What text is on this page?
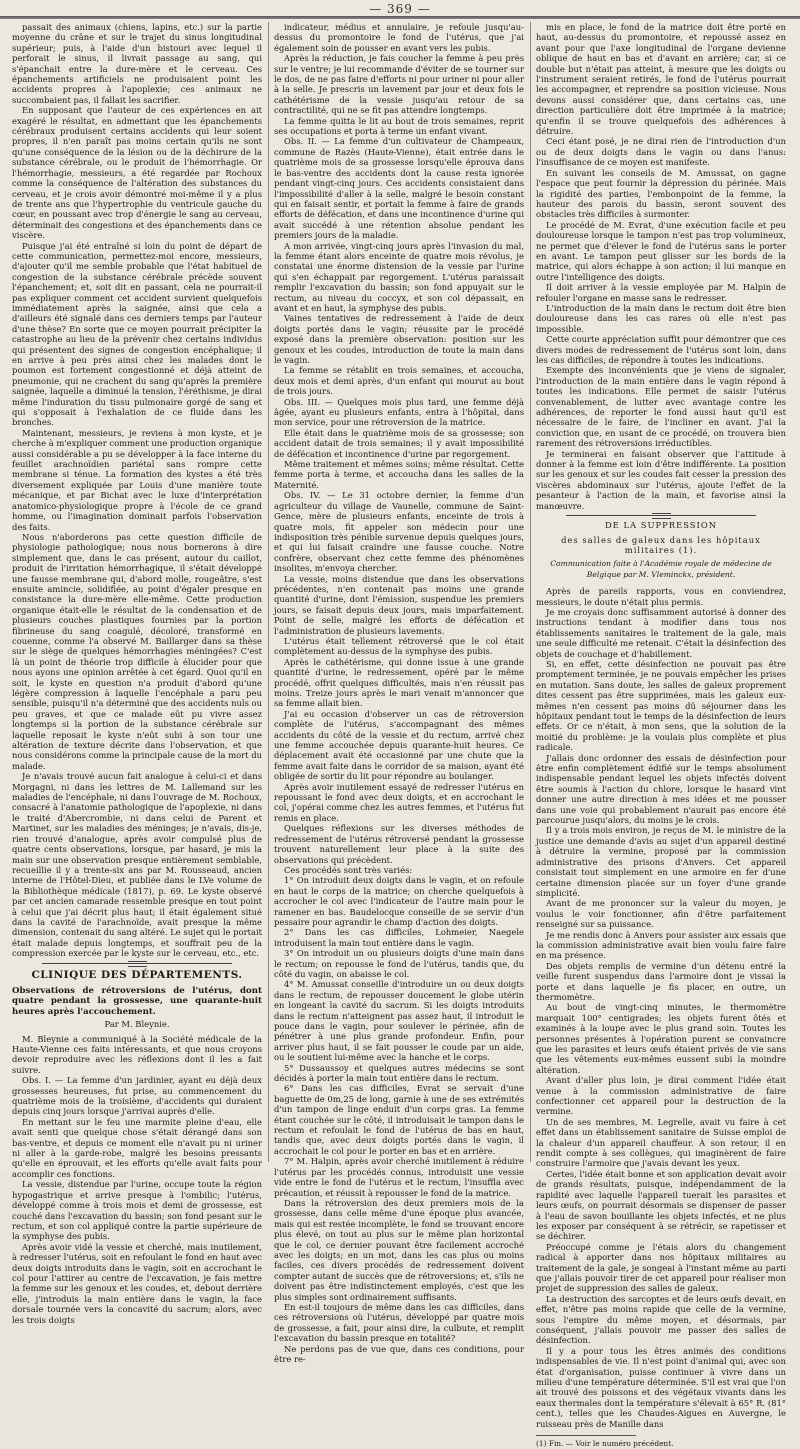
— 369 —

passait des animaux (chiens, lapins, etc.) sur la partie moyenne du crâne et sur le trajet du sinus longitudinal supérieur; puis, à l'aide d'un bistouri avec lequel il perforait le sinus, il livrait passage au sang, qui s'épanchait entre la dure-mère et le cerveau. Ces épanchements artificiels ne produisaient point les accidents propres à l'apoplexie; ces animaux ne succombaient pas, il fallait les sacrifier.

En supposant que l'auteur de ces expériences en ait exagéré le résultat, en admettant que les épanchements cérébraux produisent certains accidents qui leur soient propres, il n'en paraît pas moins certain qu'ils ne sont qu'une conséquence de la lésion ou de la déchirure de la substance cérébrale, ou le produit de l'hémorrhagie. Or l'hémorrhagie, messieurs, a été regardée par Rochoux comme la conséquence de l'altération des substances du cerveau, et je crois avoir démontré moi-même il y a plus de trente ans que l'hypertrophie du ventricule gauche du cœur, en poussant avec trop d'énergie le sang au cerveau, déterminait des congestions et des épanchements dans ce viscère.

Puisque j'ai été entraîné si loin du point de départ de cette communication, permettez-moi encore, messieurs, d'ajouter qu'il me semble probable que l'état habituel de congestion de la substance cérébrale précède souvent l'épanchement; et, soit dit en passant, cela ne pourrait-il pas expliquer comment cet accident survient quelquefois immédiatement après la saignée, ainsi que cela a d'ailleurs été signalé dans ces derniers temps par l'auteur d'une thèse? En sorte que ce moyen pourrait précipiter la catastrophe au lieu de la prévenir chez certains individus qui présentent des signes de congestion encéphalique; il en arrive à peu près ainsi chez les malades dont le poumon est fortement congestionné et déjà atteint de pneumonie, qui ne crachent du sang qu'après la première saignée, laquelle a diminué la tension, l'éréthisme, je dirai même l'induration du tissu pulmonaire gorgé de sang et qui s'opposait à l'exhalation de ce fluide dans les bronches.

Maintenant, messieurs, je reviens à mon kyste, et je cherche à m'expliquer comment une production organique aussi considérable a pu se développer à la face interne du feuillet arachnoïdien pariétal sans rompre cette membrane si ténue. La formation des kystes a été très diversement expliquée par Louis d'une manière toute mécanique, et par Bichat avec le luxe d'interprétation anatomico-physiologique propre à l'école de ce grand homme, ou l'imagination dominait parfois l'observation des faits.

Nous n'aborderons pas cette question difficile de physiologie pathologique; nous nous bornerons à dire simplement que, dans le cas présent, autour du caillot, produit de l'irritation hémorrhagique, il s'était développé une fausse membrane qui, d'abord molle, rougeâtre, s'est ensuite amincie, solidifiée, au point d'égaler presque en consistance la dure-mère elle-même. Cette production organique était-elle le résultat de la condensation et de plusieurs couches plastiques fournies par la portion fibrineuse du sang coagulé, décoloré, transformé en couenne, comme l'a observé M. Baillarger dans sa thèse sur le siège de quelques hémorrhagies méningées? C'est là un point de théorie trop difficile à élucider pour que nous ayons une opinion arrêtée à cet égard. Quoi qu'il en soit, le kyste en question n'a produit d'abord qu'une légère compression à laquelle l'encéphale a paru peu sensible, puisqu'il n'a déterminé que des accidents nuls ou peu graves, et que ce malade eût pu vivre assez longtemps si la portion de la substance cérébrale sur laquelle reposait le kyste n'eût subi à son tour une altération de texture décrite dans l'observation, et que nous considérons comme la principale cause de la mort du malade.

Je n'avais trouvé aucun fait analogue à celui-ci et dans Morgagni, ni dans les lettres de M. Lallemand sur les maladies de l'encéphale, ni dans l'ouvrage de M. Rochoux, consacré à l'anatomie pathologique de l'apoplexie, ni dans le traité d'Abercrombie, ni dans celui de Parent et Martinet, sur les maladies des méninges; je n'avais, dis-je, rien trouvé d'analogue, après avoir compulsé plus de quatre cents observations, lorsque, par hasard, je mis la main sur une observation presque entièrement semblable, recueillie il y a trente-six ans par M. Rousseaud, ancien interne de l'Hôtel-Dieu, et publiée dans le LVe volume de la Bibliothèque médicale (1817), p. 69. Le kyste observé par cet ancien camarade ressemble presque en tout point à celui que j'ai décrit plus haut; il était également situé dans la cavité de l'arachnoïde, avait presque la même dimension, contenait du sang altéré. Le sujet qui le portait était malade depuis longtemps, et souffrait peu de la compression exercée par le kyste sur le cerveau, etc., etc.

CLINIQUE DES DÉPARTEMENTS.
Observations de rétroversions de l'utérus, dont quatre pendant la grossesse, une quarante-huit heures après l'accouchement.
Par M. Bleynie.

M. Bleynie a communiqué à la Société médicale de la Haute-Vienne ces faits intéressants, et que nous croyons devoir reproduire avec les réflexions dont il les a fait suivre.

Obs. I. — La femme d'un jardinier, ayant eu déjà deux grossesses heureuses, fut prise, au commencement du quatrième mois de la troisième, d'accidents qui duraient depuis cinq jours lorsque j'arrivai auprès d'elle.

En mettant sur le feu une marmite pleine d'eau, elle avait senti que quelque chose s'était dérangé dans son bas-ventre, et depuis ce moment elle n'avait pu ni uriner ni aller à la garde-robe, malgré les besoins pressants qu'elle en éprouvait, et les efforts qu'elle avait faits pour accomplir ces fonctions.

La vessie, distendue par l'urine, occupe toute la région hypogastrique et arrive presque à l'ombilic; l'utérus, développé comme à trois mois et demi de grossesse, est couché dans l'excavation du bassin; son fond pesant sur le rectum, et son col appliqué contre la partie supérieure de la symphyse des pubis.

Après avoir vidé la vessie et cherché, mais inutilement, à redresser l'utérus, soit en refoulant le fond en haut avec deux doigts introduits dans le vagin, soit en accrochant le col pour l'attirer au centre de l'excavation, je fais mettre la femme sur les genoux et les coudes, et, debout derrière elle, j'introduis la main entière dans le vagin, la face dorsale tournée vers la concavité du sacrum; alors, avec les trois doigts

indicateur, médius et annulaire, je refoule jusqu'au-dessus du promontoire le fond de l'utérus, que j'ai également soin de pousser en avant vers les pubis.

Après la réduction, je fais coucher la femme à peu près sur le ventre; je lui recommande d'éviter de se tourner sur le dos, de ne pas faire d'efforts ni pour uriner ni pour aller à la selle. Je prescris un lavement par jour et deux fois le cathétérisme de la vessie jusqu'au retour de sa contractilité, qui ne se fit pas attendre longtemps.

La femme quitta le lit au bout de trois semaines, reprit ses occupations et porta à terme un enfant vivant.

Obs. II. — La femme d'un cultivateur de Champeaux, commune de Razès (Haute-Vienne), était entrée dans le quatrième mois de sa grossesse lorsqu'elle éprouva dans le bas-ventre des accidents dont la cause resta ignorée pendant vingt-cinq jours. Ces accidents consistaient dans l'impossibilité d'aller à la selle, malgré le besoin constant qui en faisait sentir, et portait la femme à faire de grands efforts de défécation, et dans une incontinence d'urine qui avait succédé à une rétention absolue pendant les premiers jours de la maladie.

A mon arrivée, vingt-cinq jours après l'invasion du mal, la femme étant alors enceinte de quatre mois révolus, je constatai une énorme distension de la vessie par l'urine qui s'en échappait par regorgement. L'utérus paraissait remplir l'excavation du bassin; son fond appuyait sur le rectum, au niveau du coccyx, et son col dépassait, en avant et en haut, la symphyse des pubis.

Vaines tentatives de redressement à l'aide de deux doigts portés dans le vagin; réussite par le procédé exposé dans la première observation: position sur les genoux et les coudes, introduction de toute la main dans le vagin.

La femme se rétablit en trois semaines, et accoucha, deux mois et demi après, d'un enfant qui mourut au bout de trois jours.

Obs. III. — Quelques mois plus tard, une femme déjà âgée, ayant eu plusieurs enfants, entra à l'hôpital, dans mon service, pour une rétroversion de la matrice.

Elle était dans le quatrième mois de sa grossesse; son accident datait de trois semaines; il y avait impossibilité de défécation et incontinence d'urine par regorgement.

Même traitement et mêmes soins; même résultat. Cette femme porta à terme, et accoucha dans les salles de la Maternité.

Obs. IV. — Le 31 octobre dernier, la femme d'un agriculteur du village de Vaunelle, commune de Saint-Gence, mère de plusieurs enfants, enceinte de trois à quatre mois, fit appeler son médecin pour une indisposition très pénible survenue depuis quelques jours, et qui lui faisait craindre une fausse couche. Notre confrère, observant chez cette femme des phénomènes insolites, m'envoya chercher.

La vessie, moins distendue que dans les observations précédentes, n'en contenait pas moins une grande quantité d'urine, dont l'émission, suspendue les premiers jours, se faisait depuis deux jours, mais imparfaitement. Point de selle, malgré les efforts de défécation et l'administration de plusieurs lavements.

L'utérus était tellement rétroversé que le col était complètement au-dessus de la symphyse des pubis.

Après le cathétérisme, qui donne issue à une grande quantité d'urine, le redressement, opéré par le même procédé, offrit quelques difficultés, mais n'en réussit pas moins. Treize jours après le mari venait m'annoncer que sa femme allait bien.

J'ai eu occasion d'observer un cas de rétroversion complète de l'utérus, s'accompagnant des mêmes accidents du côté de la vessie et du rectum, arrivé chez une femme accouchée depuis quarante-huit heures. Ce déplacement avait été occasionné par une chute que la femme avait faite dans le corridor de sa maison, ayant été obligée de sortir du lit pour répondre au boulanger.

Après avoir inutilement essayé de redresser l'utérus en repoussant le fond avec deux doigts, et en accrochant le col, j'opérai comme chez les autres femmes, et l'utérus fut remis en place.

Quelques réflexions sur les diverses méthodes de redressement de l'utérus rétroversé pendant la grossesse trouvent naturellement leur place à la suite des observations qui précèdent.

Ces procédés sont très variés:

1° On introduit deux doigts dans le vagin, et on refoule en haut le corps de la matrice; on cherche quelquefois à accrocher le col avec l'indicateur de l'autre main pour le ramener en bas. Baudelocque conseille de se servir d'un pessaire pour agrandir le champ d'action des doigts.

2° Dans les cas difficiles, Lohmeier, Naegele introduisent la main tout entière dans le vagin.

3° On introduit un ou plusieurs doigts d'une main dans le rectum; on repousse le fond de l'utérus, tandis que, du côté du vagin, on abaisse le col.

4° M. Amussat conseille d'introduire un ou deux doigts dans le rectum, de repousser doucement le globe utérin en longeant la cavité du sacrum. Si les doigts introduits dans le rectum n'atteignent pas assez haut, il introduit le pouce dans le vagin, pour soulever le périnée, afin de pénétrer à une plus grande profondeur. Enfin, pour arriver plus haut, il se fait pousser le coude par un aide, ou le soutient lui-même avec la hanche et le corps.

5° Dussaussoy et quelques autres médecins se sont décidés à porter la main tout entière dans le rectum.

6° Dans les cas difficiles, Evrat se servait d'une baguette de 0m,25 de long, garnie à une de ses extrémités d'un tampon de linge enduit d'un corps gras. La femme étant couchée sur le côté, il introduisait le tampon dans le rectum et refoulait le fond de l'utérus de bas en haut, tandis que, avec deux doigts portés dans le vagin, il accrochait le col pour le porter en bas et en arrière.

7° M. Halpin, après avoir cherché inutilement à réduire l'utérus par les procédés connus, introduisit une vessie vide entre le fond de l'utérus et le rectum, l'insuffla avec précaution, et réussit à repousser le fond de la matrice.

Dans la rétroversion des deux premiers mois de la grossesse, dans celle même d'une époque plus avancée, mais qui est restée incomplète, le fond se trouvant encore plus élevé, on tout au plus sur le même plan horizontal que le col, ce dernier pouvant être facilement accroché avec les doigts; en un mot, dans les cas plus ou moins faciles, ces divers procédés de redressement doivent compter autant de succès que de rétroversions; et, s'ils ne doivent pas être indistinctement employés, c'est que les plus simples sont ordinairement suffisants.

En est-il toujours de même dans les cas difficiles, dans ces rétroversions où l'utérus, développé par quatre mois de grossesse, a fait, pour ainsi dire, la culbute, et remplit l'excavation du bassin presque en totalité?

Ne perdons pas de vue que, dans ces conditions, pour être re-

mis en place, le fond de la matrice doit être porté en haut, au-dessus du promontoire, et repoussé assez en avant pour que l'axe longitudinal de l'organe devienne oblique de haut en bas et d'avant en arrière; car, si ce double but n'était pas atteint, à mesure que les doigts ou l'instrument seraient retirés, le fond de l'utérus pourrait les accompagner, et reprendre sa position vicieuse. Nous devons aussi considérer que, dans certains cas, une direction particulière doit être imprimée à la matrice; qu'enfin il se trouve quelquefois des adhérences à détruire.

Ceci étant posé, je ne dirai rien de l'introduction d'un ou de deux doigts dans le vagin ou dans l'anus: l'insuffisance de ce moyen est manifeste.

En suivant les conseils de M. Amussat, on gagne l'espace que peut fournir la dépression du périnée. Mais la rigidité des parties, l'embonpoint de la femme, la hauteur des parois du bassin, seront souvent des obstacles très difficiles à surmonter.

Le procédé de M. Evrat, d'une exécution facile et peu douloureuse lorsque le tampon n'est pas trop volumineux, ne permet que d'élever le fond de l'utérus sans le porter en avant. Le tampon peut glisser sur les bords de la matrice, qui alors échappe à son action; il lui manque en outre l'intelligence des doigts.

Il doit arriver à la vessie employée par M. Halpin de refouler l'organe en masse sans le redresser.

L'introduction de la main dans le rectum doit être bien douloureuse dans les cas rares où elle n'est pas impossible.

Cette courte appréciation suffit pour démontrer que ces divers modes de redressement de l'utérus sont loin, dans les cas difficiles, de répondre à toutes les indications.

Exempte des inconvénients que je viens de signaler, l'introduction de la main entière dans le vagin répond à toutes les indications. Elle permet de saisir l'utérus convenablement, de lutter avec avantage contre les adhérences, de reporter le fond aussi haut qu'il est nécessaire de le faire, de l'incliner en avant. J'ai la conviction que, en usant de ce procédé, on trouvera bien rarement des rétroversions irréductibles.

Je terminerai en faisant observer que l'attitude à donner à la femme est loin d'être indifférente. La position sur les genoux et sur les coudes fait cesser la pression des viscères abdominaux sur l'utérus, ajoute l'effet de la pesanteur à l'action de la main, et favorise ainsi la manœuvre.

DE LA SUPPRESSION
des salles de galeux dans les hôpitaux militaires (1).
Communication faite à l'Académie royale de médecine de Belgique par M. Vleminckx, président.

Après de pareils rapports, vous en conviendrez, messieurs, le doute n'était plus permis.

Je me croyais donc suffisamment autorisé à donner des instructions tendant à modifier dans tous nos établissements sanitaires le traitement de la gale, mais une seule difficulté me retenait. C'était la désinfection des objets de couchage et d'habillement.

Si, en effet, cette désinfection ne pouvait pas être promptement terminée, je ne pouvais empêcher les prises en mutation. Sans doute, les salles de galeux proprement dites cessent pas être supprimées, mais les galeux eux-mêmes n'en cessent pas moins dû séjourner dans les hôpitaux pendant tout le temps de la désinfection de leurs effets. Or ce n'était, à mon sens, que la solution de la moitié du problème: je la voulais plus complète et plus radicale.

J'allais donc ordonner des essais de désinfection pour être enfin complètement édifié sur le temps absolument indispensable pendant lequel les objets infectés doivent être soumis à l'action du chlore, lorsque le hasard vint donner une autre direction à mes idées et me pousser dans une voie qui probablement n'aurait pas encore été parcourue jusqu'alors, du moins je le crois.

Il y a trois mois environ, je reçus de M. le ministre de la justice une demande d'avis au sujet d'un appareil destiné à détruire la vermine, proposé par la commission administrative des prisons d'Anvers. Cet appareil consistait tout simplement en une armoire en fer d'une certaine dimension placée sur un foyer d'une grande simplicité.

Avant de me prononcer sur la valeur du moyen, je voulus le voir fonctionner, afin d'être parfaitement renseigné sur sa puissance.

Je me rendis donc à Anvers pour assister aux essais que la commission administrative avait bien voulu faire faire en ma présence.

Des objets remplis de vermine d'un détenu entré la veille furent suspendus dans l'armoire dont je vissai la porte et dans laquelle je fis placer, en outre, un thermomètre.

Au bout de vingt-cinq minutes, le thermomètre marquait 100° centigrades; les objets furent ôtés et examinés à la loupe avec le plus grand soin. Toutes les personnes présentes à l'opération purent se convaincre que les parasites et leurs œufs étaient privés de vie sans que les vêtements eux-mêmes eussent subi la moindre altération.

Avant d'aller plus loin, je dirai comment l'idée était venue à la commission administrative de faire confectionner cet appareil pour la destruction de la vermine.

Un de ses membres, M. Legrelle, avait vu faire à cet effet dans un établissement sanitaire de Suisse emploi de la chaleur d'un appareil chauffeur. À son retour, il en rendit compte à ses collègues, qui imaginèrent de faire construire l'armoire que j'avais devant les yeux.

Certes, l'idée était bonne et son application devait avoir de grands résultats, puisque, indépendamment de la rapidité avec laquelle l'appareil tuerait les parasites et leurs œufs, on pourrait désormais se dispenser de passer à l'eau de savon bouillante les objets infectés, et ne plus les exposer par conséquent à se rétrécir, se rapetisser et se déchirer.

Préoccupé comme je l'étais alors du changement radical à apporter dans nos hôpitaux militaires au traitement de la gale, je songeai à l'instant même au parti que j'allais pouvoir tirer de cet appareil pour réaliser mon projet de suppression des salles de galeux.

La destruction des sarcoptes et de leurs œufs devait, en effet, n'être pas moins rapide que celle de la vermine, sous l'empire du même moyen, et désormais, par conséquent, j'allais pouvoir me passer des salles de désinfection.

Il y a pour tous les êtres animés des conditions indispensables de vie. Il n'est point d'animal qui, avec son état d'organisation, puisse continuer à vivre dans un milieu d'une température déterminée. S'il est vrai que l'on ait trouvé des poissons et des végétaux vivants dans les eaux thermales dont la température s'élevait à 65° R. (81° cent.), telles que les Chaudes-Aigues en Auvergne, le ruisseau près de Manille dans

(1) Fin. — Voir le numéro précédent.
